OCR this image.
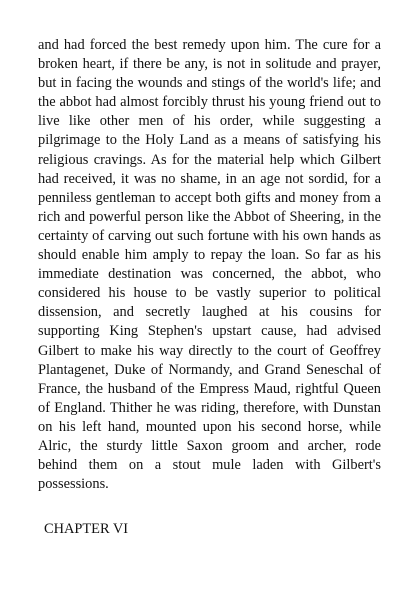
and had forced the best remedy upon him. The cure for a broken heart, if there be any, is not in solitude and prayer, but in facing the wounds and stings of the world's life; and the abbot had almost forcibly thrust his young friend out to live like other men of his order, while suggesting a pilgrimage to the Holy Land as a means of satisfying his religious cravings. As for the material help which Gilbert had received, it was no shame, in an age not sordid, for a penniless gentleman to accept both gifts and money from a rich and powerful person like the Abbot of Sheering, in the certainty of carving out such fortune with his own hands as should enable him amply to repay the loan. So far as his immediate destination was concerned, the abbot, who considered his house to be vastly superior to political dissension, and secretly laughed at his cousins for supporting King Stephen's upstart cause, had advised Gilbert to make his way directly to the court of Geoffrey Plantagenet, Duke of Normandy, and Grand Seneschal of France, the husband of the Empress Maud, rightful Queen of England. Thither he was riding, therefore, with Dunstan on his left hand, mounted upon his second horse, while Alric, the sturdy little Saxon groom and archer, rode behind them on a stout mule laden with Gilbert's possessions.

CHAPTER VI
